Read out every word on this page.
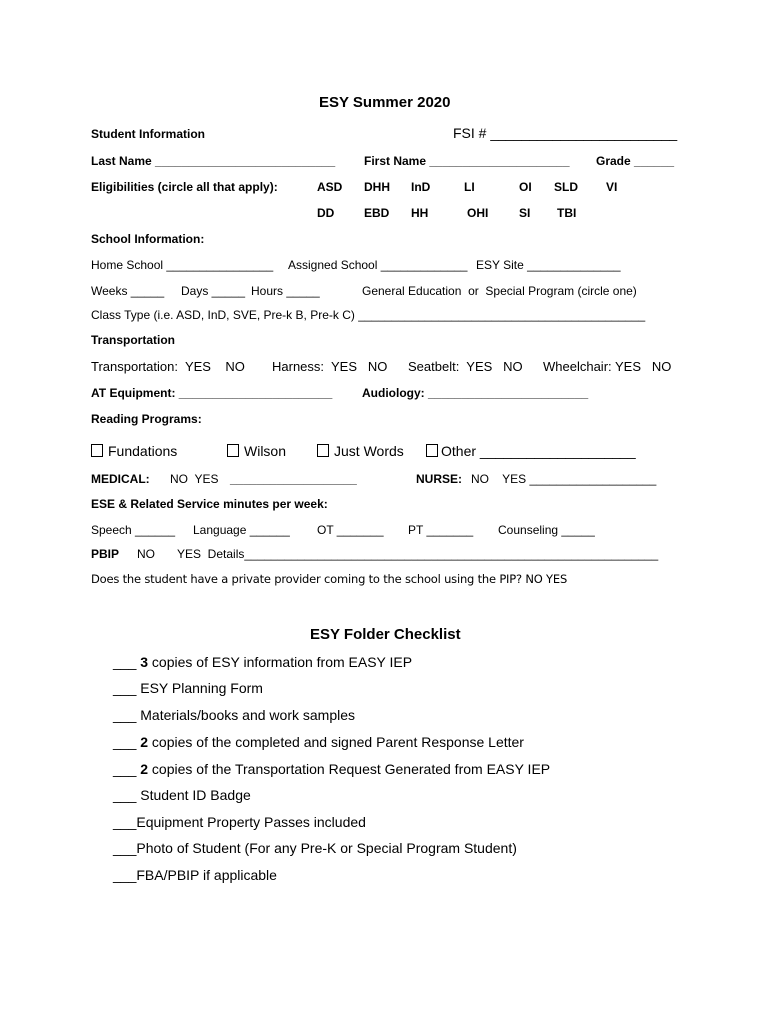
ESY Summer 2020
Student Information	FSI # ________________________
Last Name ___________________________ First Name _____________________ Grade ______
Eligibilities (circle all that apply):	ASD DHH InD	LI	OI SLD VI
DD EBD HH	OHI	SI TBI
School Information:
Home School ________________ Assigned School _____________ ESY Site ______________
Weeks _____ Days _____ Hours _____	General Education  or  Special Program (circle one)
Class Type (i.e. ASD, InD, SVE, Pre-k B, Pre-k C) ___________________________________________
Transportation
Transportation:  YES    NO Harness:  YES   NO Seatbelt:  YES   NO Wheelchair: YES   NO
AT Equipment: _______________________ Audiology: ________________________
Reading Programs:
Fundations	Wilson	Just Words	Other ____________________
MEDICAL: NO  YES ___________________	NURSE: NO    YES ___________________
ESE & Related Service minutes per week:
Speech ______ Language ______ OT _______ PT _______ Counseling _____
PBIP NO YES  Details______________________________________________________________
Does the student have a private provider coming to the school using the PIP? NO YES
ESY Folder Checklist
___ 3 copies of ESY information from EASY IEP
___ ESY Planning Form
___ Materials/books and work samples
___ 2 copies of the completed and signed Parent Response Letter
___ 2 copies of the Transportation Request Generated from EASY IEP
___ Student ID Badge
___Equipment Property Passes included
___Photo of Student (For any Pre-K or Special Program Student)
___FBA/PBIP if applicable
